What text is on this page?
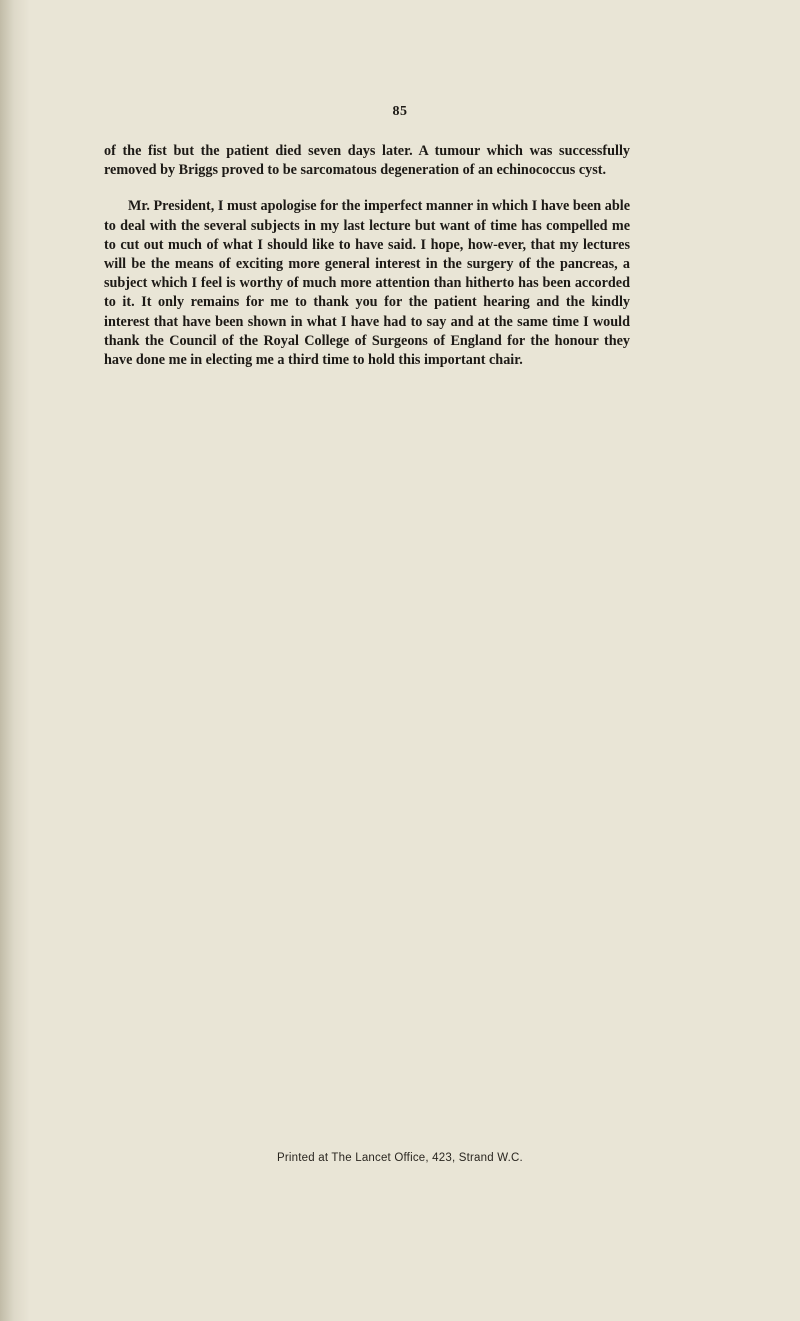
85

of the fist but the patient died seven days later. A tumour which was successfully removed by Briggs proved to be sarcomatous degeneration of an echinococcus cyst.

Mr. President, I must apologise for the imperfect manner in which I have been able to deal with the several subjects in my last lecture but want of time has compelled me to cut out much of what I should like to have said. I hope, how-ever, that my lectures will be the means of exciting more general interest in the surgery of the pancreas, a subject which I feel is worthy of much more attention than hitherto has been accorded to it. It only remains for me to thank you for the patient hearing and the kindly interest that have been shown in what I have had to say and at the same time I would thank the Council of the Royal College of Surgeons of England for the honour they have done me in electing me a third time to hold this important chair.

Printed at The Lancet Office, 423, Strand W.C.
